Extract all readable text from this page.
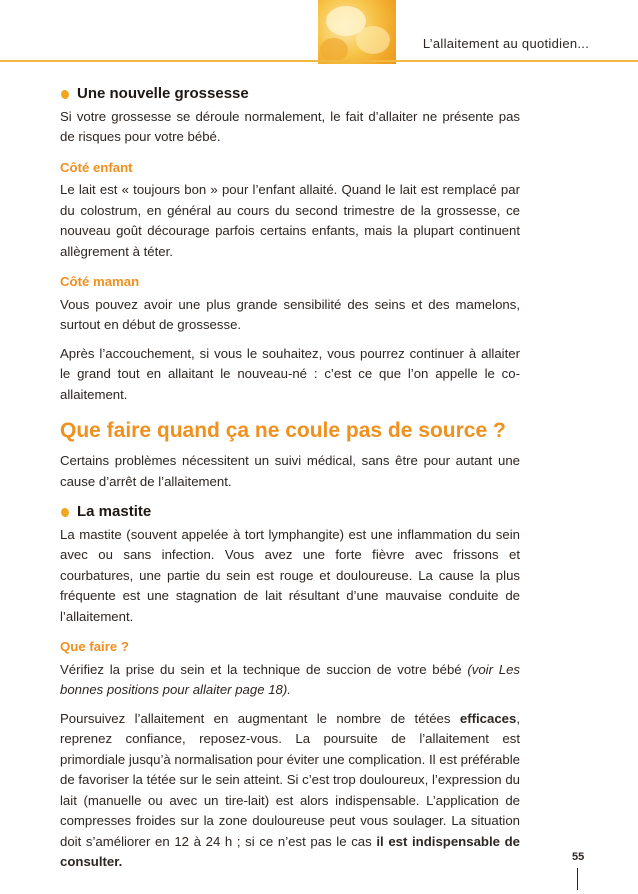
L’allaitement au quotidien...
Une nouvelle grossesse

Si votre grossesse se déroule normalement, le fait d’allaiter ne présente pas de risques pour votre bébé.

Côté enfant

Le lait est « toujours bon » pour l’enfant allaité. Quand le lait est remplacé par du colostrum, en général au cours du second trimestre de la grossesse, ce nouveau goût décourage parfois certains enfants, mais la plupart continuent allègrement à téter.

Côté maman

Vous pouvez avoir une plus grande sensibilité des seins et des mamelons, surtout en début de grossesse.

Après l’accouchement, si vous le souhaitez, vous pourrez continuer à allaiter le grand tout en allaitant le nouveau-né : c’est ce que l’on appelle le co-allaitement.

Que faire quand ça ne coule pas de source ?

Certains problèmes nécessitent un suivi médical, sans être pour autant une cause d’arrêt de l’allaitement.

La mastite

La mastite (souvent appelée à tort lymphangite) est une inflammation du sein avec ou sans infection. Vous avez une forte fièvre avec frissons et courbatures, une partie du sein est rouge et douloureuse. La cause la plus fréquente est une stagnation de lait résultant d’une mauvaise conduite de l’allaitement.

Que faire ?

Vérifiez la prise du sein et la technique de succion de votre bébé (voir Les bonnes positions pour allaiter page 18).

Poursuivez l’allaitement en augmentant le nombre de tétées efficaces, reprenez confiance, reposez-vous. La poursuite de l’allaitement est primordiale jusqu’à normalisation pour éviter une complication. Il est préférable de favoriser la tétée sur le sein atteint. Si c’est trop douloureux, l’expression du lait (manuelle ou avec un tire-lait) est alors indispensable. L’application de compresses froides sur la zone douloureuse peut vous soulager. La situation doit s’améliorer en 12 à 24 h ; si ce n’est pas le cas il est indispensable de consulter.	55
